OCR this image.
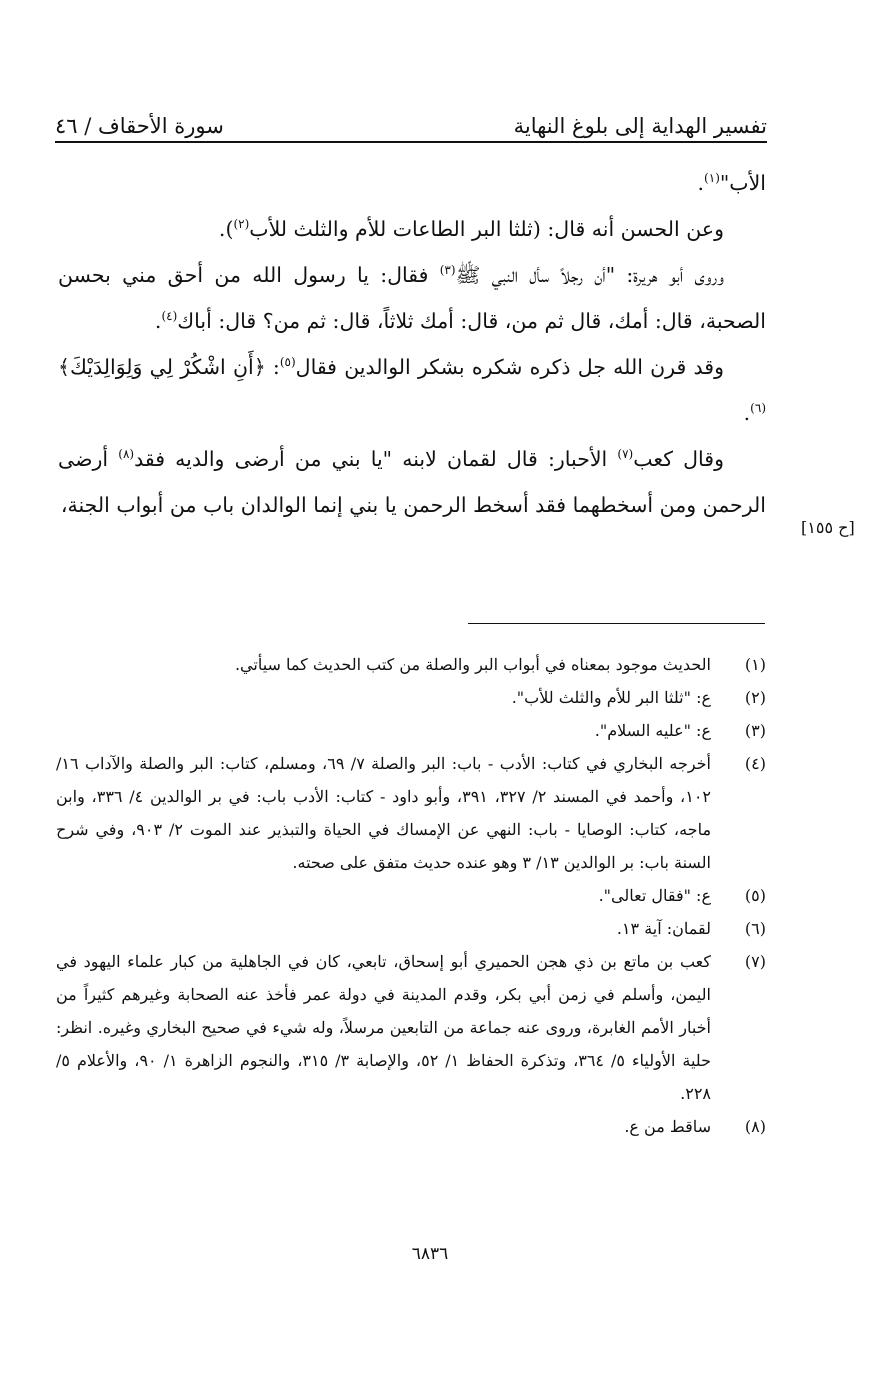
تفسير الهداية إلى بلوغ النهاية
سورة الأحقاف / ٤٦

الأب"$^{(١)}$.

وعن الحسن أنه قال: (ثلثا البر الطاعات للأم والثلث للأب$^{(٢)}$).

وروى أبو هريرة: "أن رجلاً سأل النبي ﷺ$^{(٣)}$ فقال: يا رسول الله من أحق مني بحسن الصحبة، قال: أمك، قال ثم من، قال: أمك ثلاثاً، قال: ثم من؟ قال: أباك$^{(٤)}$.

وقد قرن الله جل ذكره شكره بشكر الوالدين فقال$^{(٥)}$: ﴿أَنِ اشْكُرْ لِي وَلِوَالِدَيْكَ﴾$^{(٦)}$.

وقال كعب$^{(٧)}$ الأحبار: قال لقمان لابنه "يا بني من أرضى والديه فقد$^{(٨)}$ أرضى الرحمن ومن أسخطهما فقد أسخط الرحمن يا بني إنما الوالدان باب من أبواب الجنة،

[ح ١٥٥]
(١)
الحديث موجود بمعناه في أبواب البر والصلة من كتب الحديث كما سيأتي.
(٢)
ع: "ثلثا البر للأم والثلث للأب".
(٣)
ع: "عليه السلام".
(٤)
أخرجه البخاري في كتاب: الأدب - باب: البر والصلة ٧/ ٦٩، ومسلم، كتاب: البر والصلة والآداب ١٦/ ١٠٢، وأحمد في المسند ٢/ ٣٢٧، ٣٩١، وأبو داود - كتاب: الأدب باب: في بر الوالدين ٤/ ٣٣٦، وابن ماجه، كتاب: الوصايا - باب: النهي عن الإمساك في الحياة والتبذير عند الموت ٢/ ٩٠٣، وفي شرح السنة باب: بر الوالدين ١٣/ ٣ وهو عنده حديث متفق على صحته.
(٥)
ع: "فقال تعالى".
(٦)
لقمان: آية ١٣.
(٧)
كعب بن ماتع بن ذي هجن الحميري أبو إسحاق، تابعي، كان في الجاهلية من كبار علماء اليهود في اليمن، وأسلم في زمن أبي بكر، وقدم المدينة في دولة عمر فأخذ عنه الصحابة وغيرهم كثيراً من أخبار الأمم الغابرة، وروى عنه جماعة من التابعين مرسلاً، وله شيء في صحيح البخاري وغيره. انظر: حلية الأولياء ٥/ ٣٦٤، وتذكرة الحفاظ ١/ ٥٢، والإصابة ٣/ ٣١٥، والنجوم الزاهرة ١/ ٩٠، والأعلام ٥/ ٢٢٨.
(٨)
ساقط من ع.
٦٨٣٦
